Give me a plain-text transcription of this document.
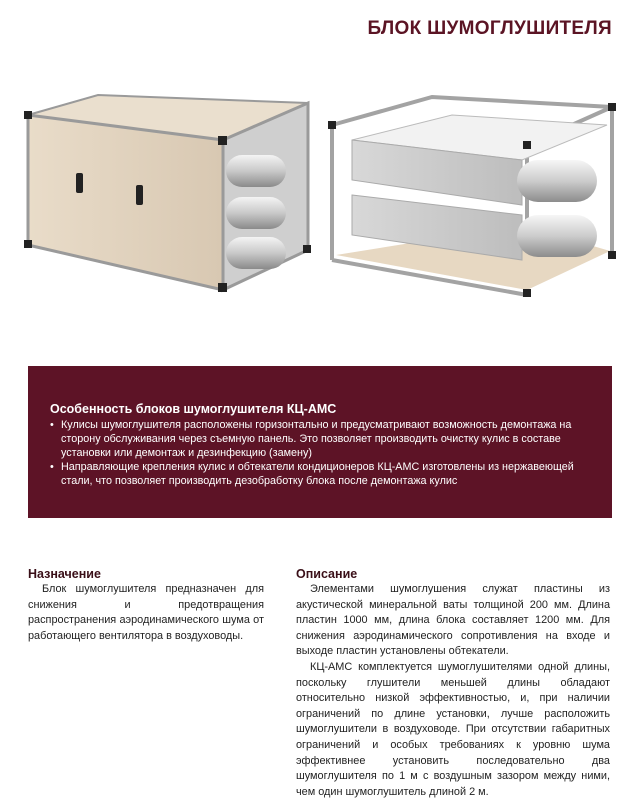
БЛОК ШУМОГЛУШИТЕЛЯ
Особенность блоков шумоглушителя КЦ-АМС
• Кулисы шумоглушителя расположены горизонтально и предусматривают возможность демонтажа на сторону обслуживания через съемную панель. Это позволяет производить очистку кулис в составе установки или демонтаж и дезинфекцию (замену)
• Направляющие крепления кулис и обтекатели кондиционеров КЦ-АМС изготовлены из нержавеющей стали, что позволяет производить дезобработку блока после демонтажа кулис
Назначение

Блок шумоглушителя предназначен для снижения и предотвращения распространения аэродинамического шума от работающего вентилятора в воздуховоды.

Описание

Элементами шумоглушения служат пластины из акустической минеральной ваты толщиной 200 мм. Длина пластин 1000 мм, длина блока составляет 1200 мм. Для снижения аэродинамического сопротивления на входе и выходе пластин установлены обтекатели.

КЦ-АМС комплектуется шумоглушителями одной длины, поскольку глушители меньшей длины обладают относительно низкой эффективностью, и, при наличии ограничений по длине установки, лучше расположить шумоглушители в воздуховоде. При отсутствии габаритных ограничений и особых требованиях к уровню шума эффективнее установить последовательно два шумоглушителя по 1 м с воздушным зазором между ними, чем один шумоглушитель длиной 2 м.
